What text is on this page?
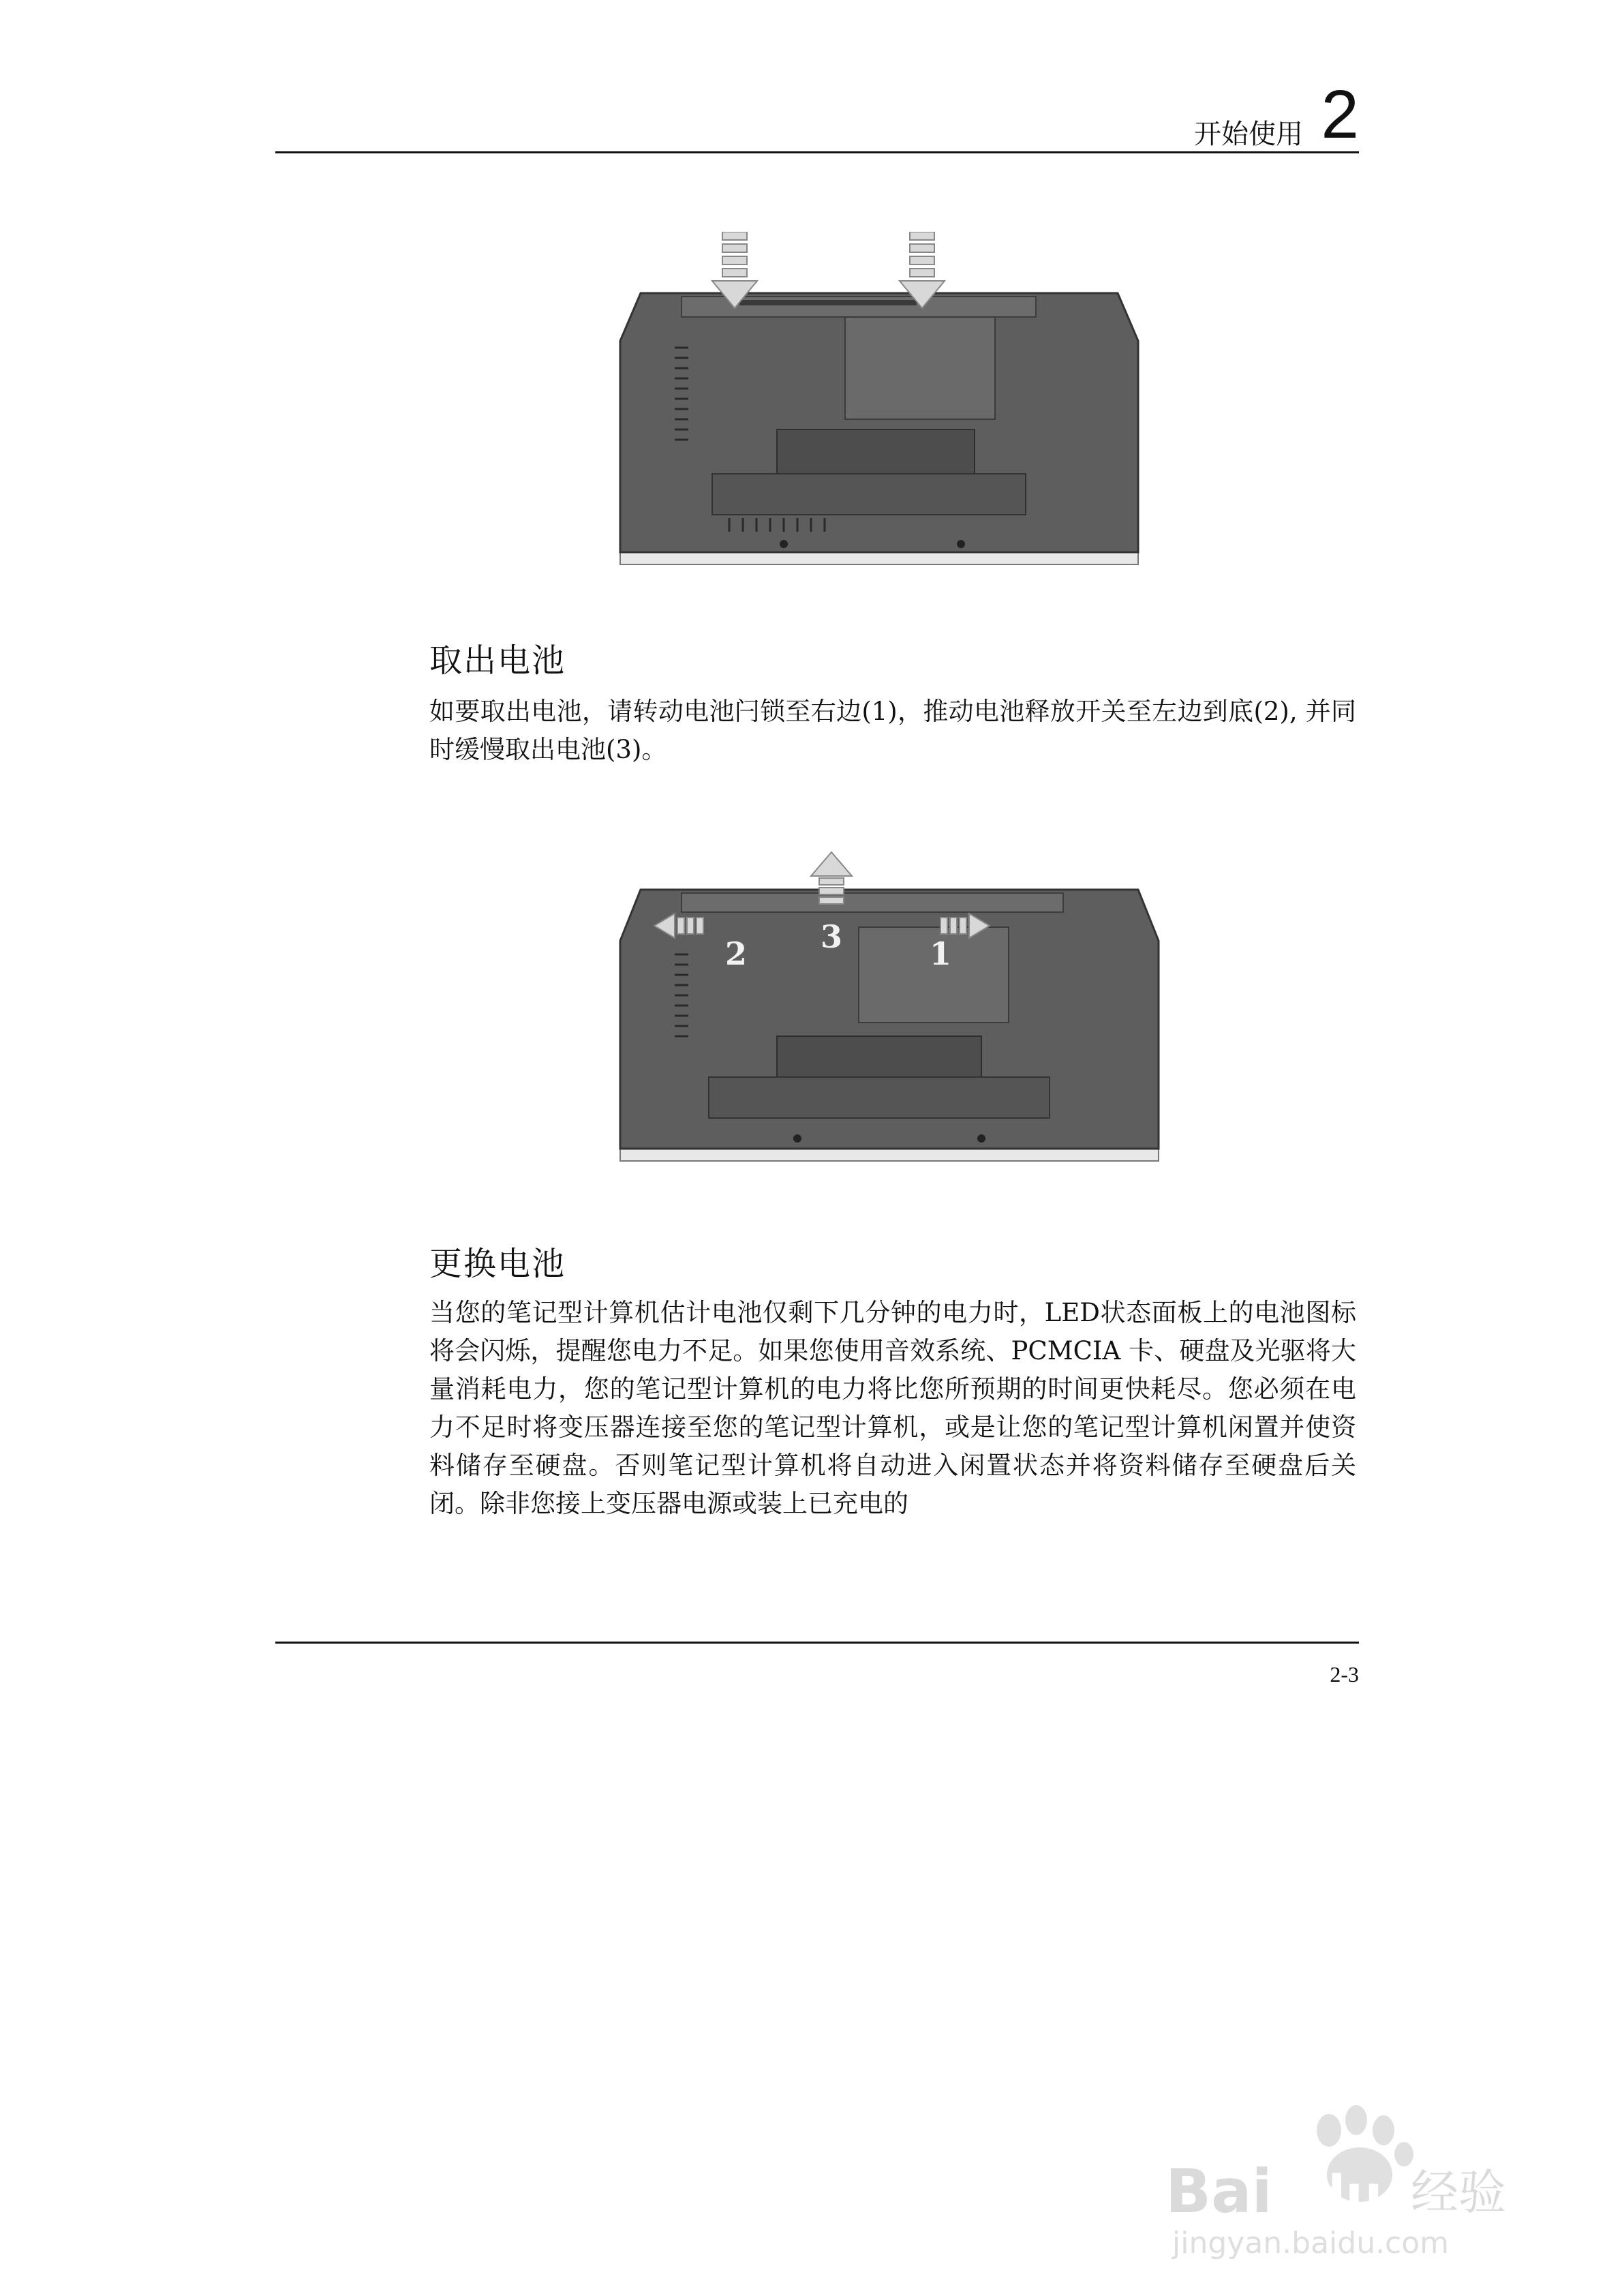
开始使用 2
取出电池
如要取出电池，请转动电池闩锁至右边(1)，推动电池释放开关至左边到底(2), 并同时缓慢取出电池(3)。
3
2	1
更换电池
当您的笔记型计算机估计电池仅剩下几分钟的电力时，LED状态面板上的电池图标将会闪烁，提醒您电力不足。如果您使用音效系统、PCMCIA 卡、硬盘及光驱将大量消耗电力，您的笔记型计算机的电力将比您所预期的时间更快耗尽。您必须在电力不足时将变压器连接至您的笔记型计算机，或是让您的笔记型计算机闲置并使资料储存至硬盘。否则笔记型计算机将自动进入闲置状态并将资料储存至硬盘后关闭。除非您接上变压器电源或装上已充电的
2-3
Bai du 经验
jingyan.baidu.com
